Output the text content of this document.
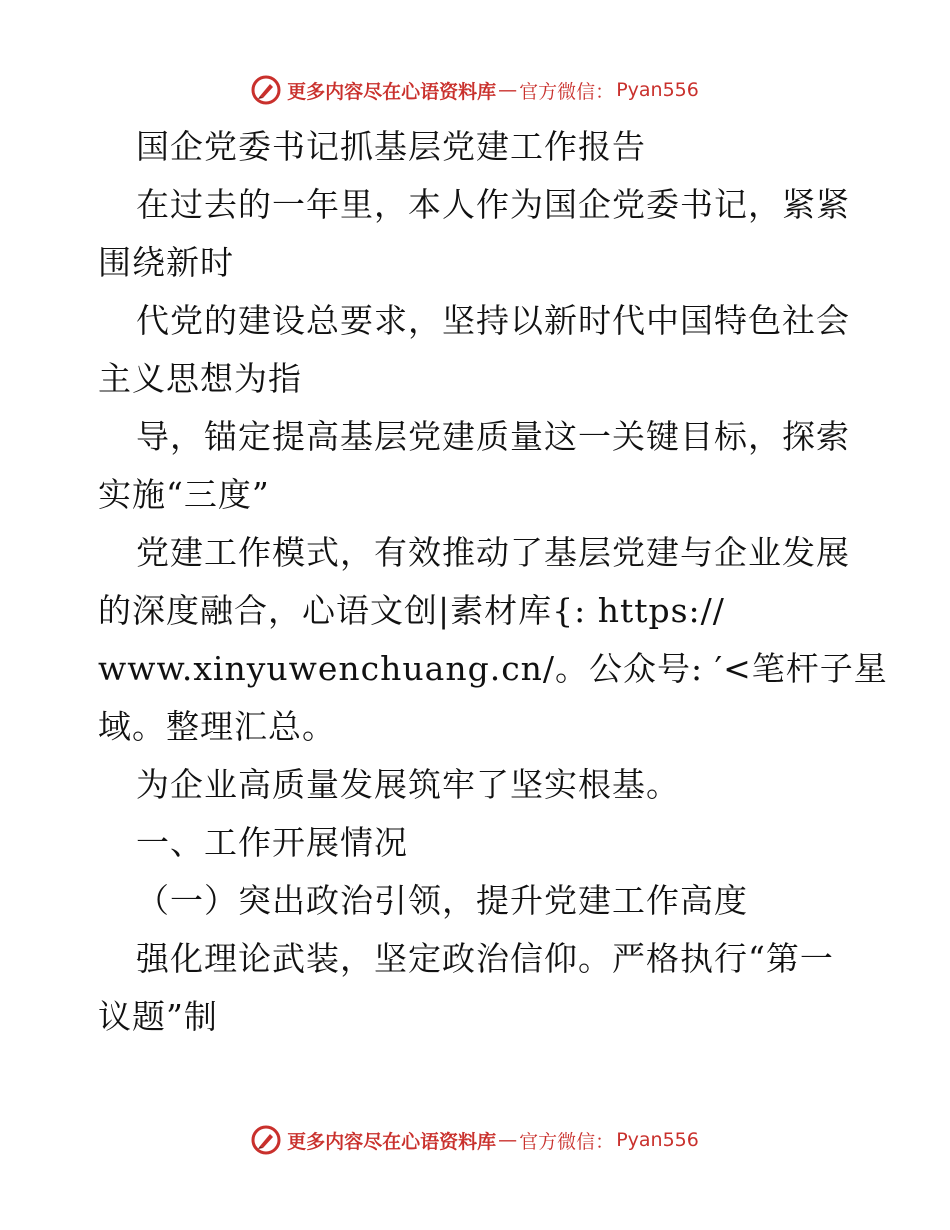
更多内容尽在心语资料库 — 官方微信： Pyan556
国企党委书记抓基层党建工作报告
在过去的一年里，本人作为国企党委书记，紧紧
围绕新时
代党的建设总要求，坚持以新时代中国特色社会
主义思想为指
导，锚定提高基层党建质量这一关键目标，探索
实施“三度”
党建工作模式，有效推动了基层党建与企业发展
的深度融合，心语文创|素材库{: https://
www.xinyuwenchuang.cn/。公众号: ′<笔杆子星
域。整理汇总。
为企业高质量发展筑牢了坚实根基。
一、工作开展情况
（一）突出政治引领，提升党建工作高度
强化理论武装，坚定政治信仰。严格执行“第一
议题”制
更多内容尽在心语资料库 — 官方微信： Pyan556
